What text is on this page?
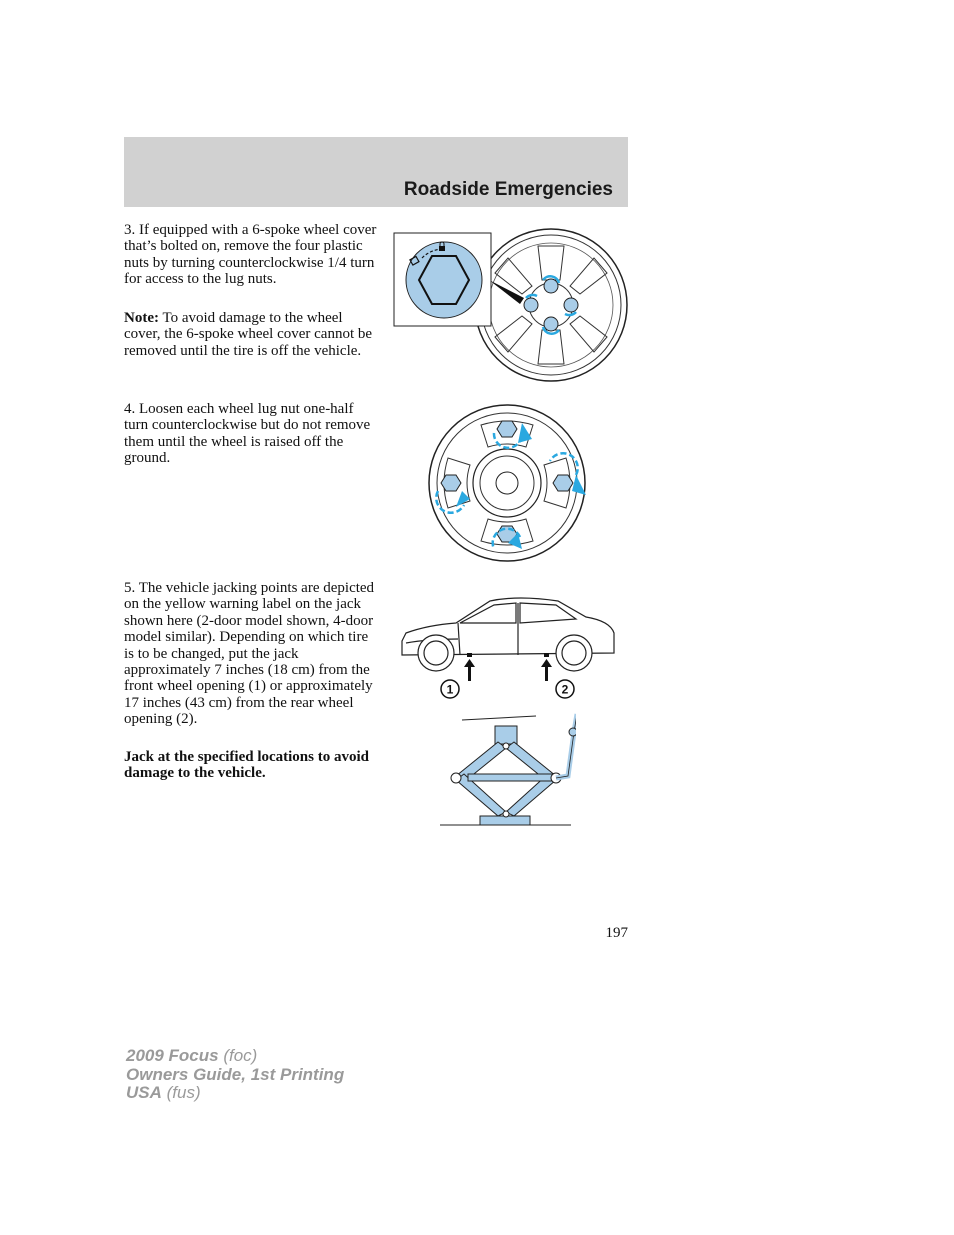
Roadside Emergencies

3. If equipped with a 6-spoke wheel cover that’s bolted on, remove the four plastic nuts by turning counterclockwise 1/4 turn for access to the lug nuts.

Note: To avoid damage to the wheel cover, the 6-spoke wheel cover cannot be removed until the tire is off the vehicle.

4. Loosen each wheel lug nut one-half turn counterclockwise but do not remove them until the wheel is raised off the ground.

5. The vehicle jacking points are depicted on the yellow warning label on the jack shown here (2-door model shown, 4-door model similar). Depending on which tire is to be changed, put the jack approximately 7 inches (18 cm) from the front wheel opening (1) or approximately 17 inches (43 cm) from the rear wheel opening (2).

Jack at the specified locations to avoid damage to the vehicle.

1	2
197
2009 Focus (foc)
Owners Guide, 1st Printing
USA (fus)
